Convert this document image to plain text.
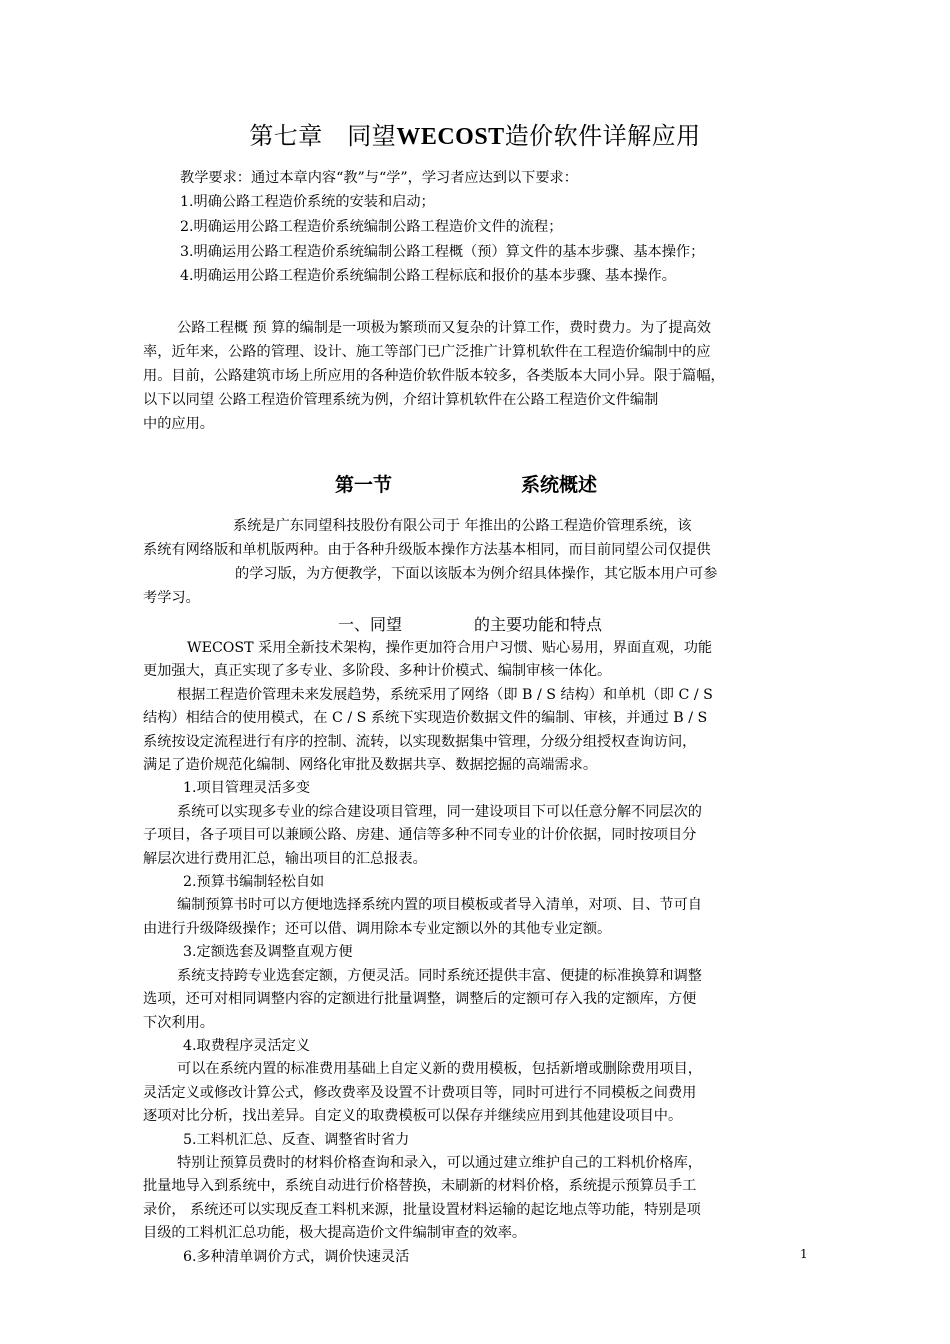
第七章　同望WECOST造价软件详解应用
教学要求：通过本章内容“教”与“学”，学习者应达到以下要求：
1.明确公路工程造价系统的安装和启动；
2.明确运用公路工程造价系统编制公路工程造价文件的流程；
3.明确运用公路工程造价系统编制公路工程概（预）算文件的基本步骤、基本操作；
4.明确运用公路工程造价系统编制公路工程标底和报价的基本步骤、基本操作。
公路工程概 预 算的编制是一项极为繁琐而又复杂的计算工作，费时费力。为了提高效
率，近年来，公路的管理、设计、施工等部门已广泛推广计算机软件在工程造价编制中的应
用。目前，公路建筑市场上所应用的各种造价软件版本较多，各类版本大同小异。限于篇幅，
以下以同望 公路工程造价管理系统为例，介绍计算机软件在公路工程造价文件编制
中的应用。
第一节	系统概述
系统是广东同望科技股份有限公司于 年推出的公路工程造价管理系统，该
系统有网络版和单机版两种。由于各种升级版本操作方法基本相同，而目前同望公司仅提供
的学习版，为方便教学，下面以该版本为例介绍具体操作，其它版本用户可参
考学习。
一、同望	的主要功能和特点
WECOST 采用全新技术架构，操作更加符合用户习惯、贴心易用，界面直观，功能
更加强大，真正实现了多专业、多阶段、多种计价模式、编制审核一体化。
根据工程造价管理未来发展趋势，系统采用了网络（即 B / S 结构）和单机（即 C / S
结构）相结合的使用模式，在 C / S 系统下实现造价数据文件的编制、审核，并通过 B / S
系统按设定流程进行有序的控制、流转，以实现数据集中管理，分级分组授权查询访问，
满足了造价规范化编制、网络化审批及数据共享、数据挖掘的高端需求。
1.项目管理灵活多变
系统可以实现多专业的综合建设项目管理，同一建设项目下可以任意分解不同层次的
子项目，各子项目可以兼顾公路、房建、通信等多种不同专业的计价依据，同时按项目分
解层次进行费用汇总，输出项目的汇总报表。
2.预算书编制轻松自如
编制预算书时可以方便地选择系统内置的项目模板或者导入清单，对项、目、节可自
由进行升级降级操作；还可以借、调用除本专业定额以外的其他专业定额。
3.定额选套及调整直观方便
系统支持跨专业选套定额，方便灵活。同时系统还提供丰富、便捷的标准换算和调整
选项，还可对相同调整内容的定额进行批量调整，调整后的定额可存入我的定额库，方便
下次利用。
4.取费程序灵活定义
可以在系统内置的标准费用基础上自定义新的费用模板，包括新增或删除费用项目，
灵活定义或修改计算公式，修改费率及设置不计费项目等，同时可进行不同模板之间费用
逐项对比分析，找出差异。自定义的取费模板可以保存并继续应用到其他建设项目中。
5.工料机汇总、反查、调整省时省力
特别让预算员费时的材料价格查询和录入，可以通过建立维护自己的工料机价格库，
批量地导入到系统中，系统自动进行价格替换，未刷新的材料价格，系统提示预算员手工
录价， 系统还可以实现反查工料机来源，批量设置材料运输的起讫地点等功能，特别是项
目级的工料机汇总功能，极大提高造价文件编制审查的效率。
6.多种清单调价方式，调价快速灵活	1
